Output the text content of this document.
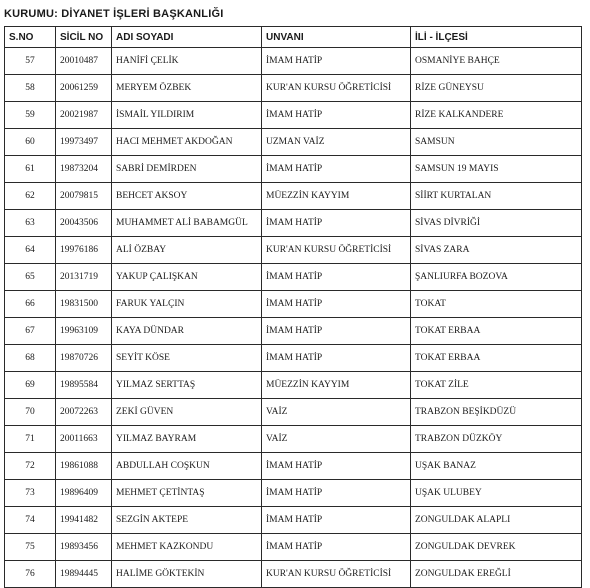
KURUMU: DİYANET İŞLERİ BAŞKANLIĞI
S.NO	SİCİL NO	ADI SOYADI	UNVANI	İLİ - İLÇESİ
57	20010487	HANİFİ ÇELİK	İMAM HATİP	OSMANİYE BAHÇE
58	20061259	MERYEM ÖZBEK	KUR'AN KURSU ÖĞRETİCİSİ	RİZE GÜNEYSU
59	20021987	İSMAİL YILDIRIM	İMAM HATİP	RİZE KALKANDERE
60	19973497	HACI MEHMET AKDOĞAN	UZMAN VAİZ	SAMSUN
61	19873204	SABRİ DEMİRDEN	İMAM HATİP	SAMSUN 19 MAYIS
62	20079815	BEHCET AKSOY	MÜEZZİN KAYYIM	SİİRT KURTALAN
63	20043506	MUHAMMET ALİ BABAMGÜL	İMAM HATİP	SİVAS DİVRİĞİ
64	19976186	ALİ ÖZBAY	KUR'AN KURSU ÖĞRETİCİSİ	SİVAS ZARA
65	20131719	YAKUP ÇALIŞKAN	İMAM HATİP	ŞANLIURFA BOZOVA
66	19831500	FARUK YALÇIN	İMAM HATİP	TOKAT
67	19963109	KAYA DÜNDAR	İMAM HATİP	TOKAT ERBAA
68	19870726	SEYİT KÖSE	İMAM HATİP	TOKAT ERBAA
69	19895584	YILMAZ SERTTAŞ	MÜEZZİN KAYYIM	TOKAT ZİLE
70	20072263	ZEKİ GÜVEN	VAİZ	TRABZON BEŞİKDÜZÜ
71	20011663	YILMAZ BAYRAM	VAİZ	TRABZON DÜZKÖY
72	19861088	ABDULLAH COŞKUN	İMAM HATİP	UŞAK BANAZ
73	19896409	MEHMET ÇETİNTAŞ	İMAM HATİP	UŞAK ULUBEY
74	19941482	SEZGİN AKTEPE	İMAM HATİP	ZONGULDAK ALAPLI
75	19893456	MEHMET KAZKONDU	İMAM HATİP	ZONGULDAK DEVREK
76	19894445	HALİME GÖKTEKİN	KUR'AN KURSU ÖĞRETİCİSİ	ZONGULDAK EREĞLİ
